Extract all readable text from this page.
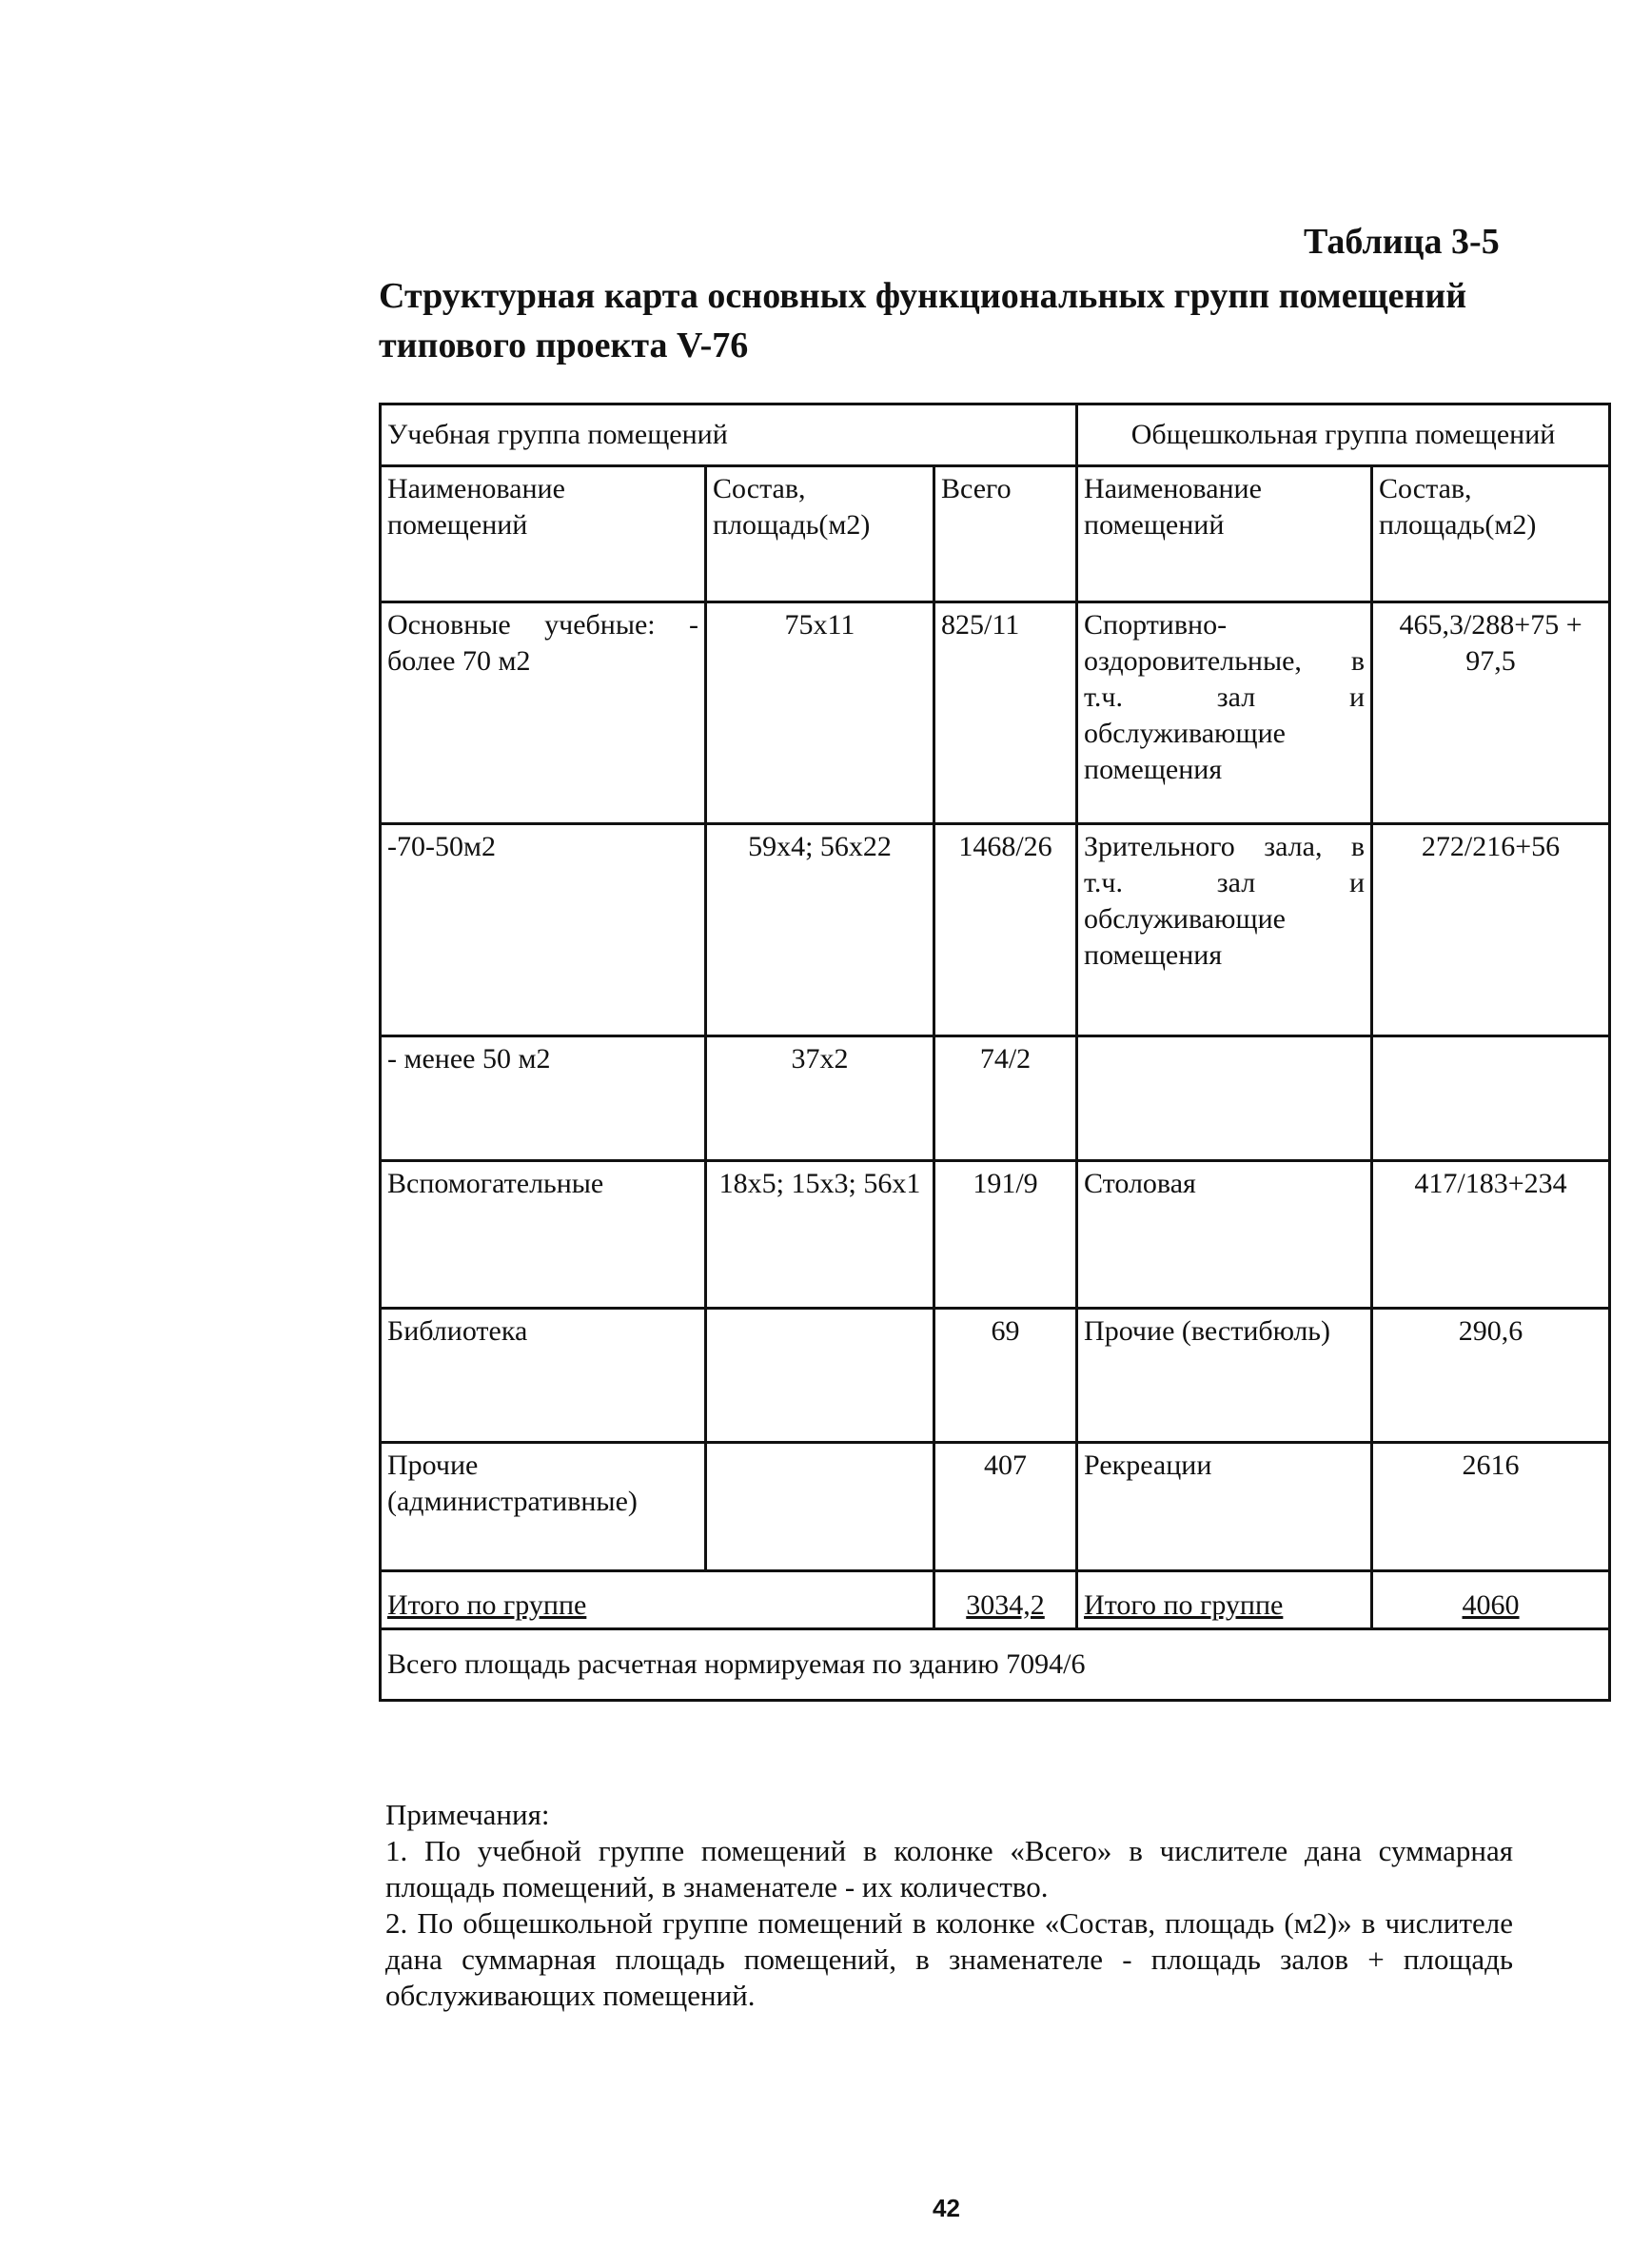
Таблица 3-5
Структурная карта основных функциональных групп помещений
типового проекта V-76
Учебная группа помещений			Общешкольная группа помещений	
Наименование помещений	Состав, площадь(м2)	Всего	Наименование помещений	Состав, площадь(м2)
Основные учебные: - более 70 м2	75х11	825/11	Спортивно-оздоровительные, в т.ч. зал и обслуживающие помещения	465,3/288+75 + 97,5
-70-50м2	59х4; 56х22	1468/26	Зрительного зала, в т.ч. зал и обслуживающие помещения	272/216+56
- менее 50 м2	37х2	74/2		
Вспомогательные	18х5; 15х3; 56х1	191/9	Столовая	417/183+234
Библиотека		69	Прочие (вестибюль)	290,6
Прочие (административные)		407	Рекреации	2616
Итого по группе		3034,2	Итого по группе	4060
Всего площадь расчетная нормируемая по зданию 7094/6				

Примечания:

1. По учебной группе помещений в колонке «Всего» в числителе дана суммарная площадь помещений, в знаменателе - их количество.

2. По общешкольной группе помещений в колонке «Состав, площадь (м2)» в числителе дана суммарная площадь помещений, в знаменателе - площадь залов + площадь обслуживающих помещений.

42
